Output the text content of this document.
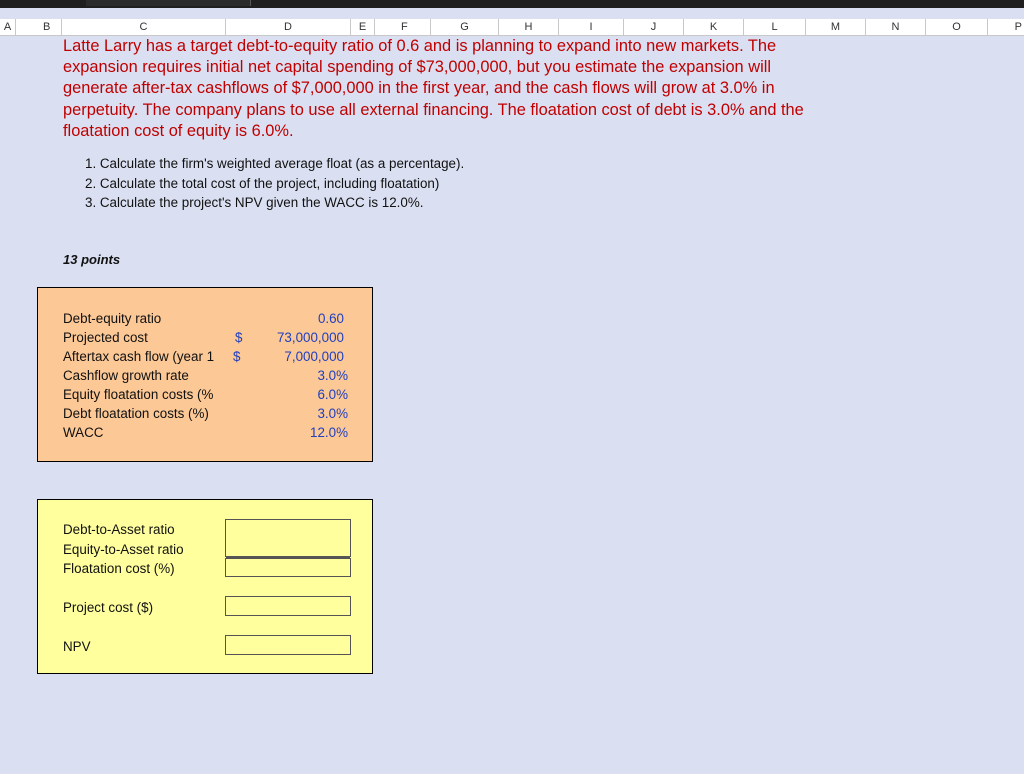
A	B	C	D	E	F	G	H	I	J	K	L	M	N	O	P
Latte Larry has a target debt-to-equity ratio of 0.6 and is planning to expand into new markets. The expansion requires initial net capital spending of $73,000,000, but you estimate the expansion will generate after-tax cashflows of $7,000,000 in the first year, and the cash flows will grow at 3.0% in perpetuity. The company plans to use all external financing. The floatation cost of debt is 3.0% and the floatation cost of equity is 6.0%.
1. Calculate the firm's weighted average float (as a percentage).
2. Calculate the total cost of the project, including floatation)
3. Calculate the project's NPV given the WACC is 12.0%.
13 points
Debt-equity ratio	0.60
Projected cost	$	73,000,000
Aftertax cash flow (year 1 $	7,000,000
Cashflow growth rate	3.0%
Equity floatation costs (%	6.0%
Debt floatation costs (%)	3.0%
WACC	12.0%
Debt-to-Asset ratio
Equity-to-Asset ratio
Floatation cost (%)
Project cost ($)
NPV
